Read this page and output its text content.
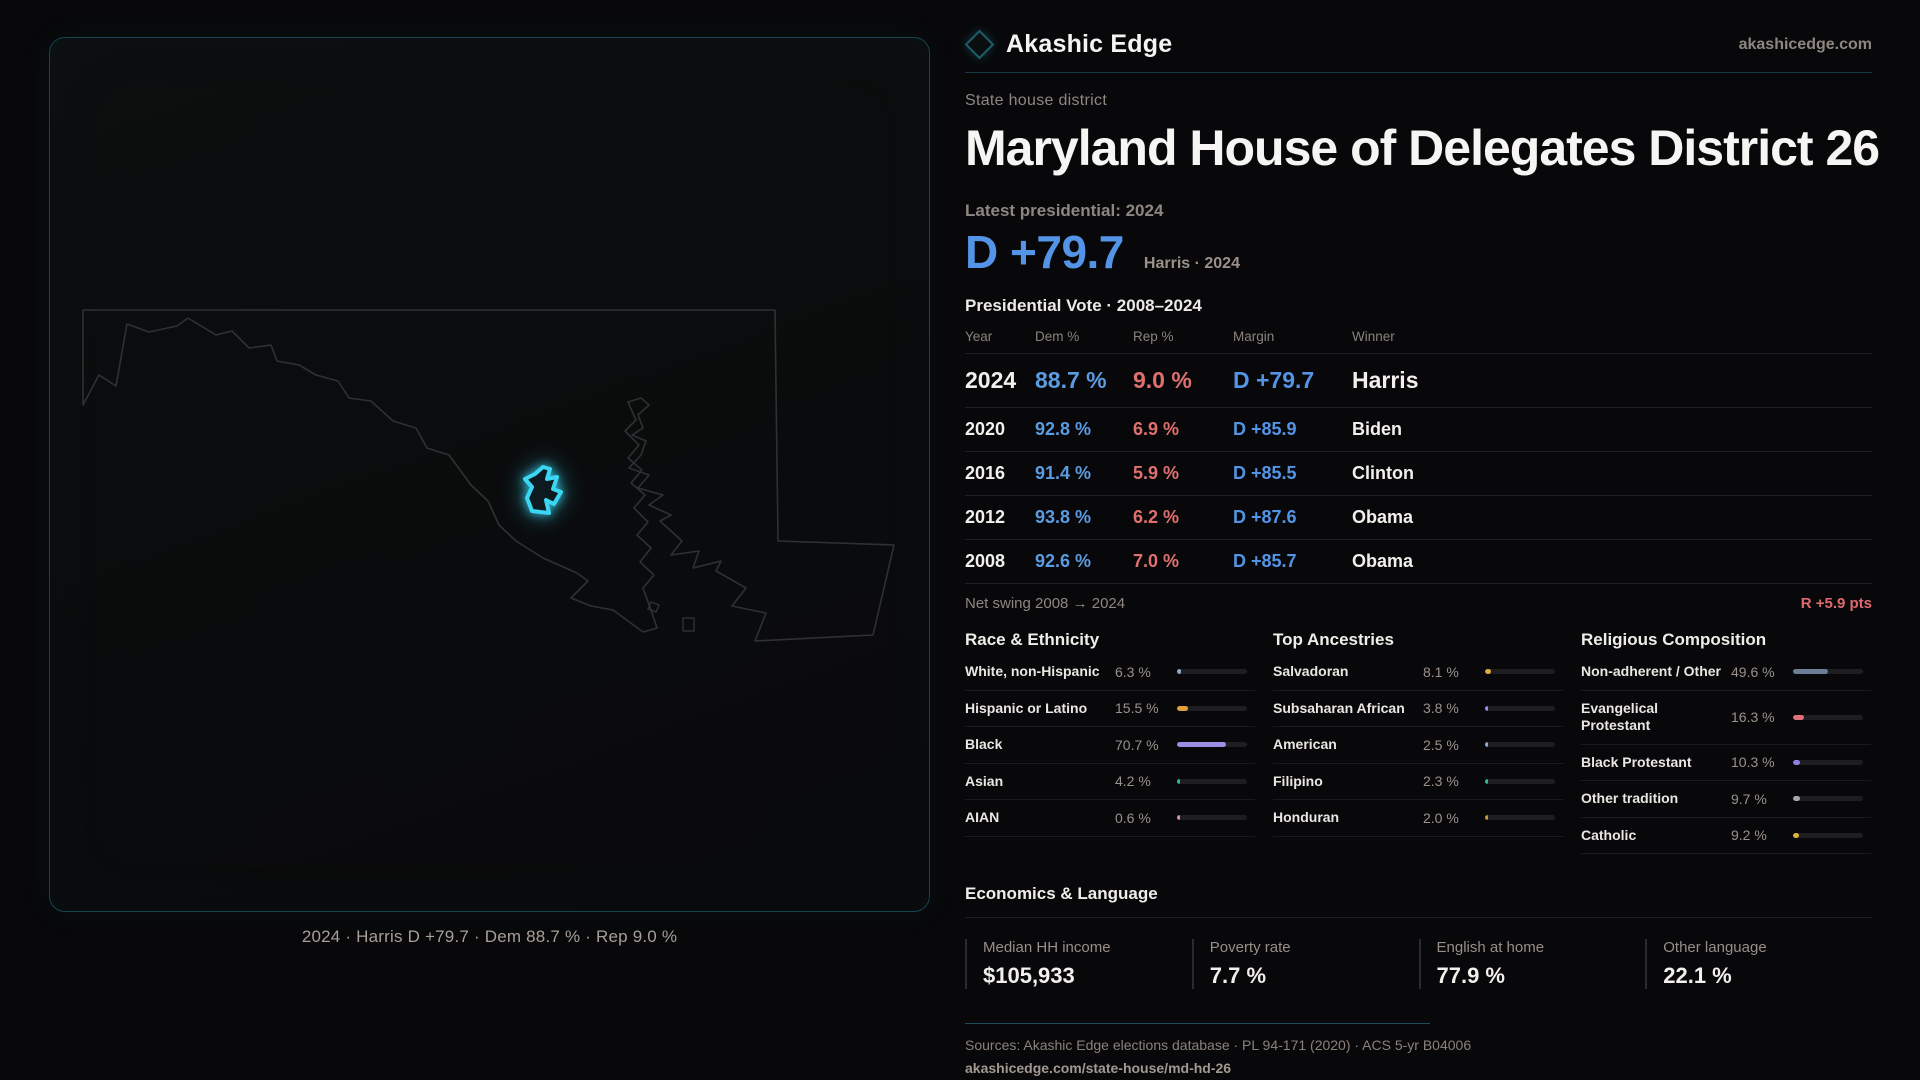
2024 · Harris D +79.7 · Dem 88.7 % · Rep 9.0 %
Akashic Edge	akashicedge.com
State house district
Maryland House of Delegates District 26
Latest presidential: 2024
D +79.7 Harris · 2024
Presidential Vote · 2008–2024
Year	Dem %	Rep %	Margin	Winner
2024 88.7 %	9.0 %	D +79.7	Harris
2020	92.8 %	6.9 %	D +85.9	Biden
2016	91.4 %	5.9 %	D +85.5	Clinton
2012	93.8 %	6.2 %	D +87.6	Obama
2008	92.6 %	7.0 %	D +85.7	Obama
Net swing 2008 → 2024	R +5.9 pts
Race & Ethnicity
White, non-Hispanic	6.3 %
Hispanic or Latino	15.5 %
Black	70.7 %
Asian	4.2 %
AIAN	0.6 %
Top Ancestries
Salvadoran	8.1 %
Subsaharan African	3.8 %
American	2.5 %
Filipino	2.3 %
Honduran	2.0 %
Religious Composition
Non-adherent / Other 49.6 %
Evangelical Protestant	16.3 %
Black Protestant	10.3 %
Other tradition	9.7 %
Catholic	9.2 %
Economics & Language
Median HH income
$105,933
Poverty rate
7.7 %
English at home
77.9 %
Other language
22.1 %
Sources: Akashic Edge elections database · PL 94-171 (2020) · ACS 5-yr B04006
akashicedge.com/state-house/md-hd-26
